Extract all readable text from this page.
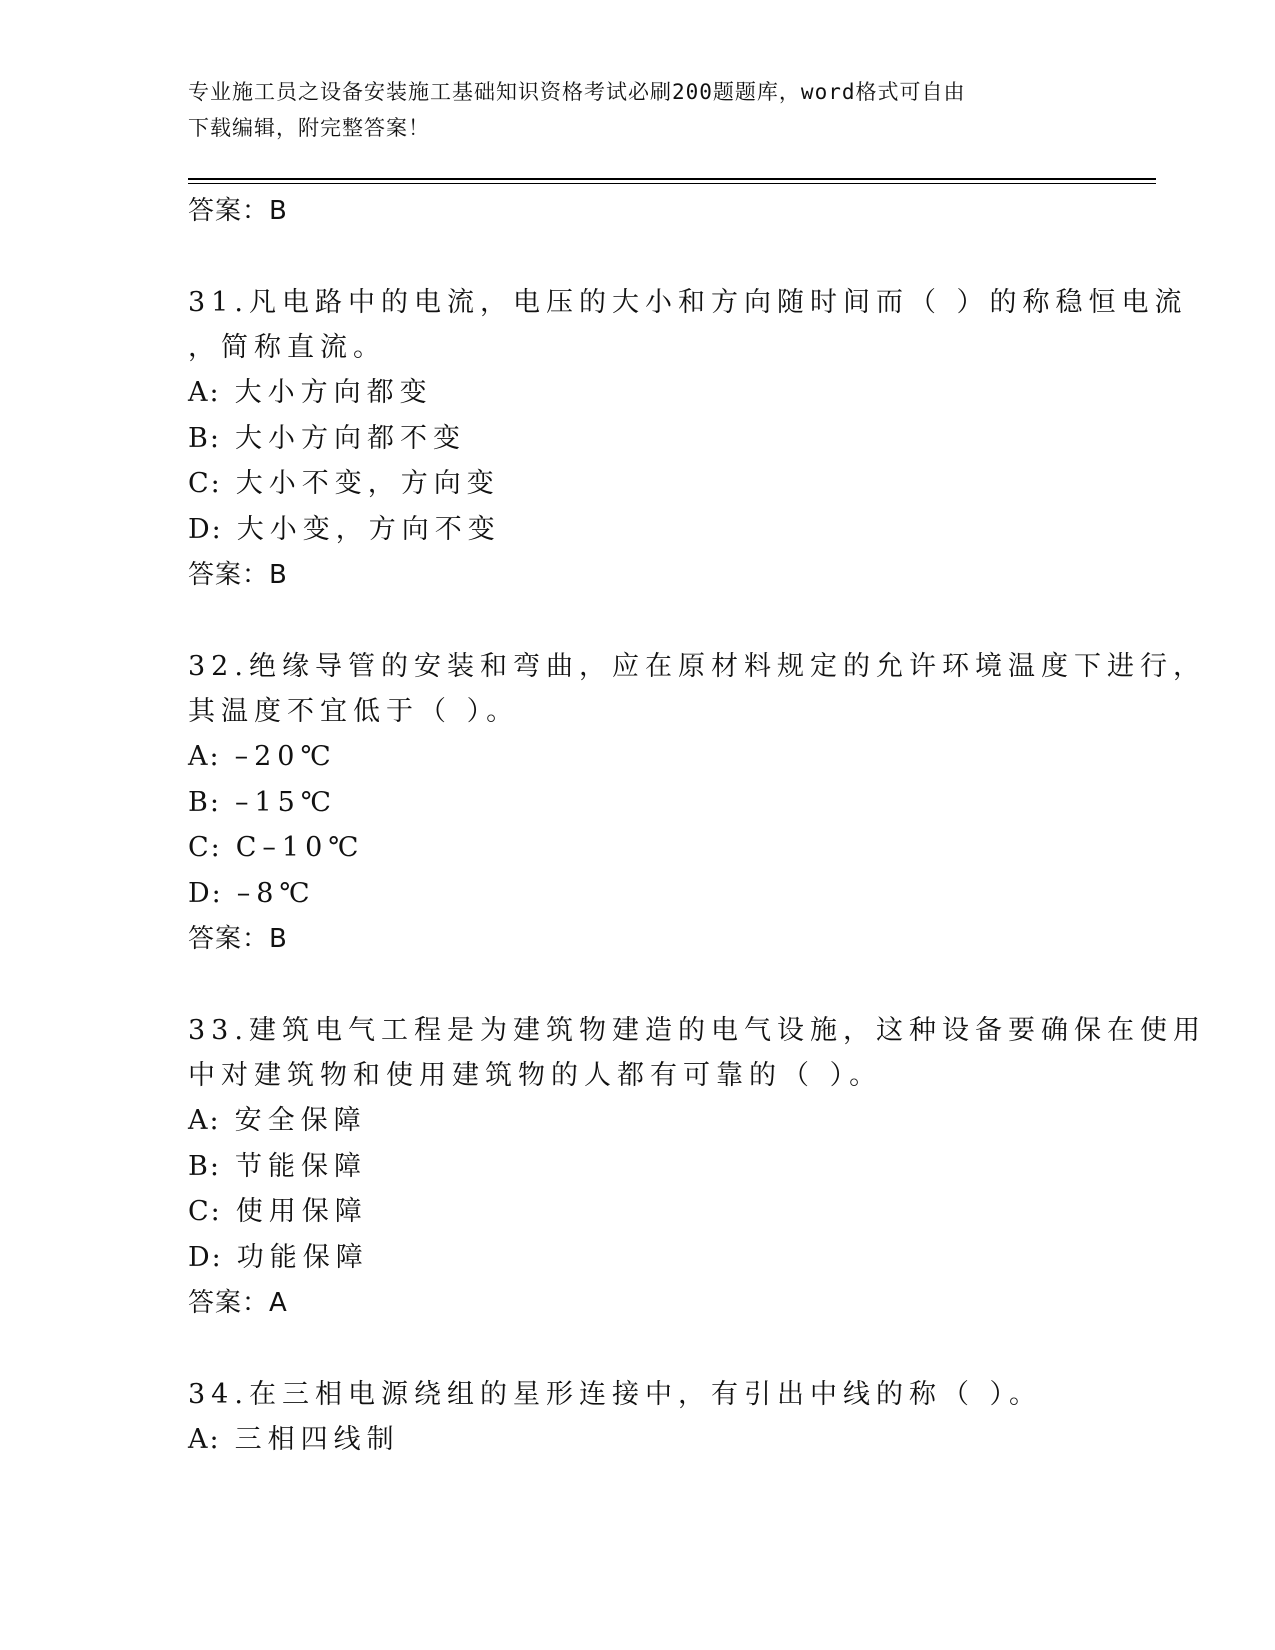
专业施工员之设备安装施工基础知识资格考试必刷200题题库，word格式可自由
下载编辑，附完整答案！
答案：B
31.凡电路中的电流，电压的大小和方向随时间而（ ）的称稳恒电流
，简称直流。
A: 大小方向都变
B: 大小方向都不变
C: 大小不变，方向变
D: 大小变，方向不变
答案：B
32.绝缘导管的安装和弯曲，应在原材料规定的允许环境温度下进行，
其温度不宜低于（ ）。
A: –20℃
B: –15℃
C: C–10℃
D: –8℃
答案：B
33.建筑电气工程是为建筑物建造的电气设施，这种设备要确保在使用
中对建筑物和使用建筑物的人都有可靠的（ ）。
A: 安全保障
B: 节能保障
C: 使用保障
D: 功能保障
答案：A
34.在三相电源绕组的星形连接中，有引出中线的称（ ）。
A: 三相四线制
